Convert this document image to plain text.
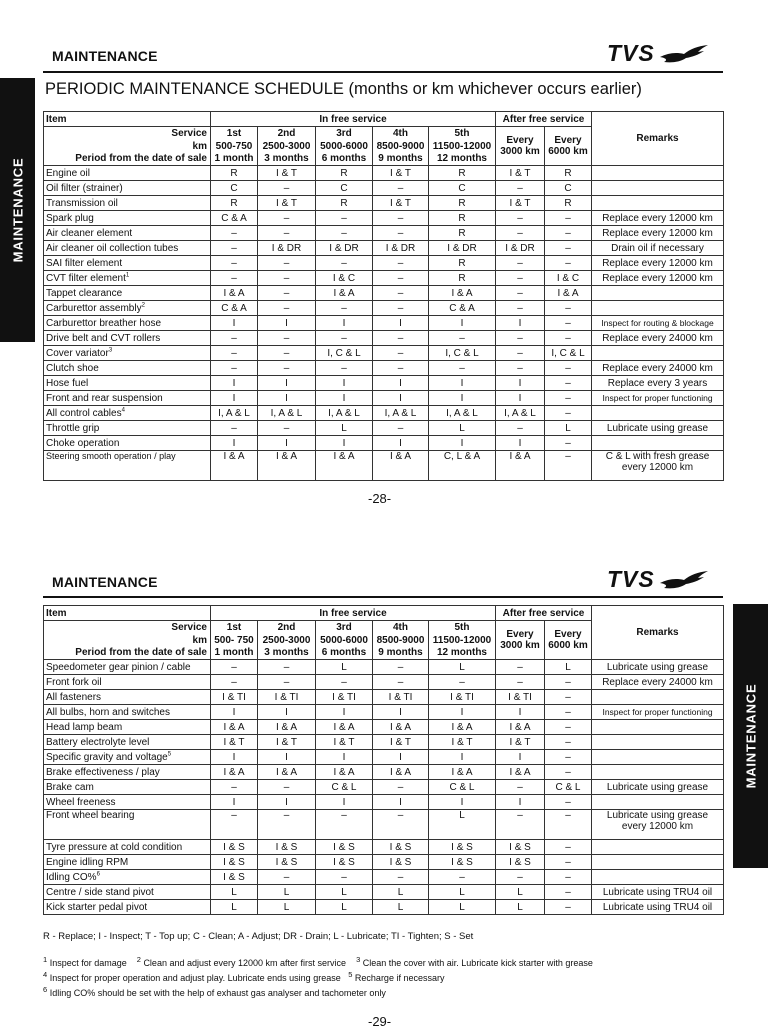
MAINTENANCE	TVS
MAINTENANCE
PERIODIC MAINTENANCE SCHEDULE (months or km whichever occurs earlier)
Item	In free service					After free service		Remarks
Service	1st	2nd	3rd	4th	5th	Every 3000 km	Every 6000 km	
km	500-750	2500-3000	5000-6000	8500-9000	11500-12000			
Period from the date of sale	1 month	3 months	6 months	9 months	12 months			
Engine oil	R	I & T	R	I & T	R	I & T	R	
Oil filter (strainer)	C	–	C	–	C	–	C	
Transmission oil	R	I & T	R	I & T	R	I & T	R	
Spark plug	C & A	–	–	–	R	–	–	Replace every 12000 km
Air cleaner element	–	–	–	–	R	–	–	Replace every 12000 km
Air cleaner oil collection tubes	–	I & DR	I & DR	I & DR	I & DR	I & DR	–	Drain oil if necessary
SAI filter element	–	–	–	–	R	–	–	Replace every 12000 km
CVT filter element$^1$	–	–	I & C	–	R	–	I & C	Replace every 12000 km
Tappet clearance	I & A	–	I & A	–	I & A	–	I & A	
Carburettor assembly$^2$	C & A	–	–	–	C & A	–	–	
Carburettor breather hose	I	I	I	I	I	I	–	Inspect for routing & blockage
Drive belt and CVT rollers	–	–	–	–	–	–	–	Replace every 24000 km
Cover variator$^3$	–	–	I, C & L	–	I, C & L	–	I, C & L	
Clutch shoe	–	–	–	–	–	–	–	Replace every 24000 km
Hose fuel	I	I	I	I	I	I	–	Replace every 3 years
Front and rear suspension	I	I	I	I	I	I	–	Inspect for proper functioning
All control cables$^4$	I, A & L	I, A & L	I, A & L	I, A & L	I, A & L	I, A & L	–	
Throttle grip	–	–	L	–	L	–	L	Lubricate using grease
Choke operation	I	I	I	I	I	I	–	
Steering smooth operation / play	I & A	I & A	I & A	I & A	C, L & A	I & A	–	C & L with fresh grease every 12000 km
-28-
MAINTENANCE	TVS
MAINTENANCE
Item	In free service					After free service		Remarks
Service	1st	2nd	3rd	4th	5th	Every 3000 km	Every 6000 km	
km	500- 750	2500-3000	5000-6000	8500-9000	11500-12000			
Period from the date of sale	1 month	3 months	6 months	9 months	12 months			
Speedometer gear pinion / cable	–	–	L	–	L	–	L	Lubricate using grease
Front fork oil	–	–	–	–	–	–	–	Replace every 24000 km
All fasteners	I & TI	I & TI	I & TI	I & TI	I & TI	I & TI	–	
All bulbs, horn and switches	I	I	I	I	I	I	–	Inspect for proper functioning
Head lamp beam	I & A	I & A	I & A	I & A	I & A	I & A	–	
Battery electrolyte level	I & T	I & T	I & T	I & T	I & T	I & T	–	
Specific gravity and voltage$^5$	I	I	I	I	I	I	–	
Brake effectiveness / play	I & A	I & A	I & A	I & A	I & A	I & A	–	
Brake cam	–	–	C & L	–	C & L	–	C & L	Lubricate using grease
Wheel freeness	I	I	I	I	I	I	–	
Front wheel bearing	–	–	–	–	L	–	–	Lubricate using grease every 12000 km
Tyre pressure at cold condition	I & S	I & S	I & S	I & S	I & S	I & S	–	
Engine idling RPM	I & S	I & S	I & S	I & S	I & S	I & S	–	
Idling CO%$^6$	I & S	–	–	–	–	–	–	
Centre / side stand pivot	L	L	L	L	L	L	–	Lubricate using TRU4 oil
Kick starter pedal pivot	L	L	L	L	L	L	–	Lubricate using TRU4 oil
R - Replace; I - Inspect; T - Top up; C - Clean; A - Adjust; DR - Drain; L - Lubricate; TI - Tighten; S - Set
$^1$ Inspect for damage $^2$ Clean and adjust every 12000 km after first service $^3$ Clean the cover with air. Lubricate kick starter with grease
$^4$ Inspect for proper operation and adjust play. Lubricate ends using grease $^5$ Recharge if necessary
$^6$ Idling CO% should be set with the help of exhaust gas analyser and tachometer only
-29-
